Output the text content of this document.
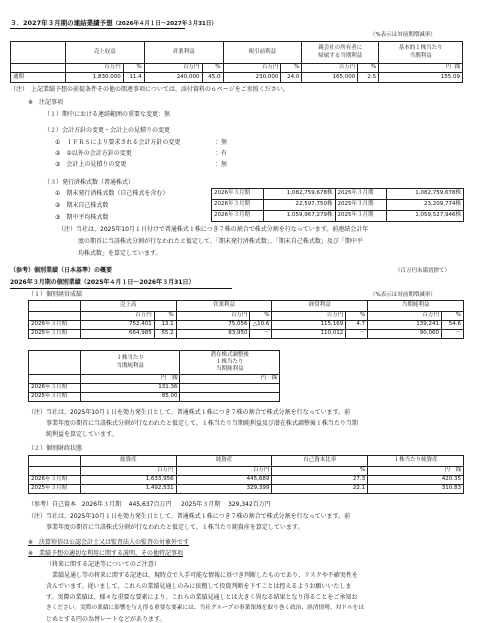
３．2027年３月期の連結業績予想（2026年４月１日～2027年３月31日）
（%表示は対前期増減率）
	売上収益		営業利益		税引前利益		親会社の所有者に
帰属する当期利益		基本的１株当たり
当期利益
	百万円	%	百万円	%	百万円	%	百万円	%	円 銭
通期	1,830,000	11.4	240,000	45.0	230,000	24.0	165,000	2.5	155.09
（注）　上記業績予想の前提条件その他の関連事項については、添付資料の６ページをご参照ください。
※　注記事項
（１）期中における連結範囲の重要な変更：無
（２）会計方針の変更・会計上の見積りの変更
①　ＩＦＲＳにより要求される会計方針の変更	：無
②　①以外の会計方針の変更	：有
③　会計上の見積りの変更	：無
（３）発行済株式数（普通株式）
①　期末発行済株式数（自己株式を含む）
②　期末自己株式数
③　期中平均株式数
2026年３月期	1,082,759,678株	2025年３月期	1,082,759,678株
2026年３月期	22,597,750株	2025年３月期	23,209,774株
2026年３月期	1,059,967,279株	2025年３月期	1,059,527,946株
（注）当社は、2025年10月１日付けで普通株式１株につき７株の割合で株式分割を行なっています。前連結会計年
度の期首に当該株式分割が行なわれたと仮定して、「期末発行済株式数」、「期末自己株式数」及び「期中平
均株式数」を算定しています。
（参考）個別業績（日本基準）の概要	（百万円未満切捨て）
2026年３月期の個別業績（2025年４月１日～2026年３月31日）
（１）個別経営成績	（%表示は対前期増減率）
	売上高		営業利益		経常利益		当期純利益	
	百万円	%	百万円	%	百万円	%	百万円	%
2026年３月期	752,401	13.1	75,056	△10.6	115,169	4.7	139,241	54.6
2025年３月期	664,985	55.2	83,950	－	110,012	－	90,060	－
	１株当たり
当期純利益	潜在株式調整後
１株当たり
当期純利益
	円　銭	円　銭
2026年３月期	131.36	
2025年３月期	85.00	
（注）当社は、2025年10月１日を効力発生日として、普通株式１株につき７株の割合で株式分割を行なっています。前
事業年度の期首に当該株式分割が行なわれたと仮定して、１株当たり当期純利益及び潜在株式調整後１株当たり当期
純利益を算定しています。
（２）個別財政状態
	総資産	純資産	自己資本比率	１株当たり純資産
	百万円	百万円	%	円　銭
2026年３月期	1,633,956	445,689	27.3	420.35
2025年３月期	1,492,531	329,399	22.1	310.83
（参考）自己資本 2026年３月期 445,637百万円 2025年３月期 329,342百万円
（注）当社は、2025年10月１日を効力発生日として、普通株式１株につき７株の割合で株式分割を行なっています。前
事業年度の期首に当該株式分割が行なわれたと仮定して、１株当たり純資産を算定しています。
※　決算短信は公認会計士又は監査法人の監査の対象外です
※　業績予想の適切な利用に関する説明、その他特記事項
（将来に関する記述等についてのご注意）
業績見通し等の将来に関する記述は、現時点で入手可能な情報に基づき判断したものであり、リスクや不確実性を
含んでいます。従いまして、これらの業績見通しのみに依拠して投資判断を下すことは控えるようお願いいたしま
す。実際の業績は、様々な重要な要素により、これらの業績見通しとは大きく異なる結果となり得ることをご承知お
きください。実際の業績に影響を与え得る重要な要素には、当社グループの事業領域を取り巻く政治、経済情勢、対ドルをは
じめとする円の為替レートなどがあります。
